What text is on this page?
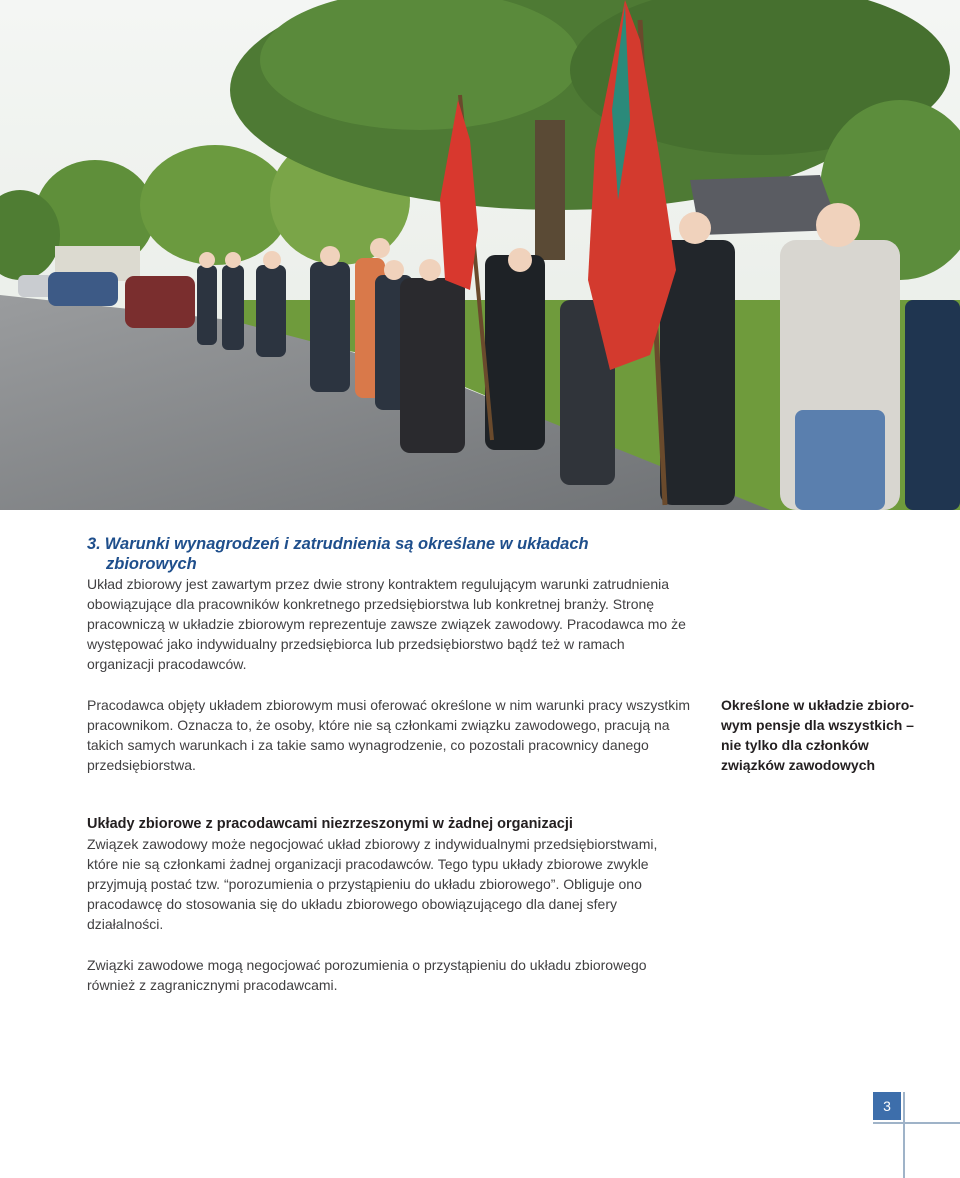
3. Warunki wynagrodzeń i zatrudnienia są określane w układach
zbiorowych

Układ zbiorowy jest zawartym przez dwie strony kontraktem regulującym warunki zatrudnienia obowiązujące dla pracowników konkretnego przedsiębiorstwa lub konkretnej branży. Stronę pracowniczą w układzie zbiorowym reprezentuje zawsze związek zawodowy. Pracodawca mo że występować jako indywidualny przedsiębiorca lub przedsiębiorstwo bądź też w ramach organizacji pracodawców.

Pracodawca objęty układem zbiorowym musi oferować określone w nim warunki pracy wszystkim pracownikom. Oznacza to, że osoby, które nie są członkami związku zawodowego, pracują na takich samych warunkach i za takie samo wynagrodzenie, co pozostali pracownicy danego przedsiębiorstwa.

Określone w układzie zbiorowym pensje dla wszystkich – nie tylko dla członków związków zawodowych

Układy zbiorowe z pracodawcami niezrzeszonymi w żadnej organizacji

Związek zawodowy może negocjować układ zbiorowy z indywidualnymi przedsiębiorstwami, które nie są członkami żadnej organizacji pracodawców. Tego typu układy zbiorowe zwykle przyjmują postać tzw. “porozumienia o przystąpieniu do układu zbiorowego”. Obliguje ono pracodawcę do stosowania się do układu zbiorowego obowiązującego dla danej sfery działalności.

Związki zawodowe mogą negocjować porozumienia o przystąpieniu do układu zbiorowego również z zagranicznymi pracodawcami.

3
